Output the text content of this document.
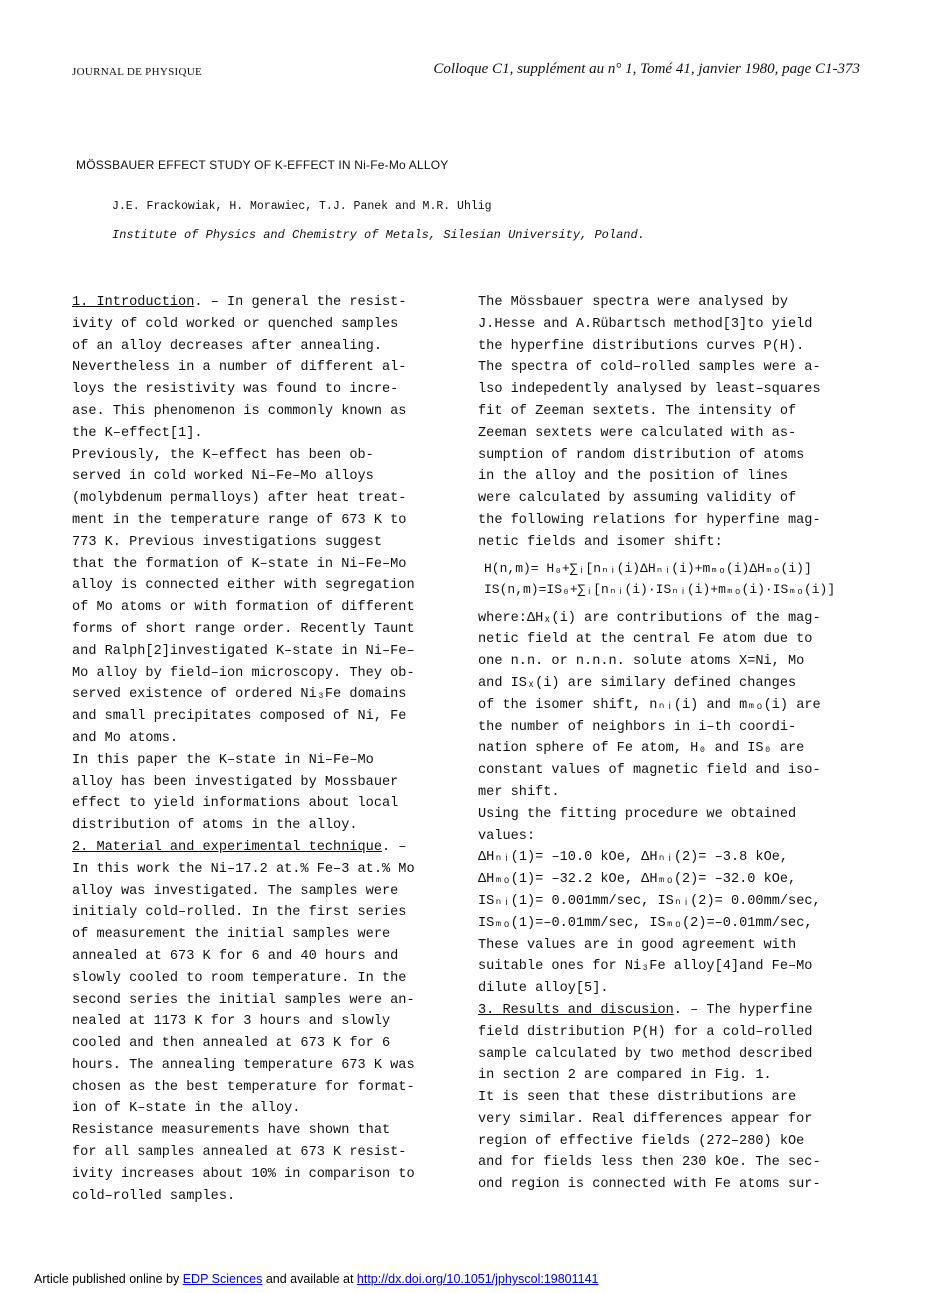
JOURNAL DE PHYSIQUE	Colloque C1, supplément au n° 1, Tomé 41, janvier 1980, page C1-373
MÖSSBAUER EFFECT STUDY OF K-EFFECT IN Ni-Fe-Mo ALLOY
J.E. Frackowiak, H. Morawiec, T.J. Panek and M.R. Uhlig
Institute of Physics and Chemistry of Metals, Silesian University, Poland.

1. Introduction. – In general the resist-

ivity of cold worked or quenched samples

of an alloy decreases after annealing.

Nevertheless in a number of different al-

loys the resistivity was found to incre-

ase. This phenomenon is commonly known as

the K–effect[1].

Previously, the K–effect has been ob-

served in cold worked Ni–Fe–Mo alloys

(molybdenum permalloys) after heat treat-

ment in the temperature range of 673 K to

773 K. Previous investigations suggest

that the formation of K–state in Ni–Fe–Mo

alloy is connected either with segregation

of Mo atoms or with formation of different

forms of short range order. Recently Taunt

and Ralph[2]investigated K–state in Ni–Fe–

Mo alloy by field–ion microscopy. They ob-

served existence of ordered Ni₃Fe domains

and small precipitates composed of Ni, Fe

and Mo atoms.

In this paper the K–state in Ni–Fe–Mo

alloy has been investigated by Mossbauer

effect to yield informations about local

distribution of atoms in the alloy.

2. Material and experimental technique. –

In this work the Ni–17.2 at.% Fe–3 at.% Mo

alloy was investigated. The samples were

initialy cold–rolled. In the first series

of measurement the initial samples were

annealed at 673 K for 6 and 40 hours and

slowly cooled to room temperature. In the

second series the initial samples were an-

nealed at 1173 K for 3 hours and slowly

cooled and then annealed at 673 K for 6

hours. The annealing temperature 673 K was

chosen as the best temperature for format-

ion of K–state in the alloy.

Resistance measurements have shown that

for all samples annealed at 673 K resist-

ivity increases about 10% in comparison to

cold–rolled samples.

The Mössbauer spectra were analysed by

J.Hesse and A.Rübartsch method[3]to yield

the hyperfine distributions curves P(H).

The spectra of cold–rolled samples were a-

lso indepedently analysed by least–squares

fit of Zeeman sextets. The intensity of

Zeeman sextets were calculated with as-

sumption of random distribution of atoms

in the alloy and the position of lines

were calculated by assuming validity of

the following relations for hyperfine mag-

netic fields and isomer shift:

H(n,m)= H₀+∑ᵢ[nₙᵢ(i)ΔHₙᵢ(i)+mₘₒ(i)ΔHₘₒ(i)]

IS(n,m)=IS₀+∑ᵢ[nₙᵢ(i)·ISₙᵢ(i)+mₘₒ(i)·ISₘₒ(i)]

where:ΔHₓ(i) are contributions of the mag-

netic field at the central Fe atom due to

one n.n. or n.n.n. solute atoms X=Ni, Mo

and ISₓ(i) are similary defined changes

of the isomer shift, nₙᵢ(i) and mₘₒ(i) are

the number of neighbors in i–th coordi-

nation sphere of Fe atom, H₀ and IS₀ are

constant values of magnetic field and iso-

mer shift.

Using the fitting procedure we obtained

values:

ΔHₙᵢ(1)= –10.0 kOe, ΔHₙᵢ(2)= –3.8 kOe,

ΔHₘₒ(1)= –32.2 kOe, ΔHₘₒ(2)= –32.0 kOe,

ISₙᵢ(1)= 0.001mm/sec, ISₙᵢ(2)= 0.00mm/sec,

ISₘₒ(1)=–0.01mm/sec, ISₘₒ(2)=–0.01mm/sec,

These values are in good agreement with

suitable ones for Ni₃Fe alloy[4]and Fe–Mo

dilute alloy[5].

3. Results and discusion. – The hyperfine

field distribution P(H) for a cold–rolled

sample calculated by two method described

in section 2 are compared in Fig. 1.

It is seen that these distributions are

very similar. Real differences appear for

region of effective fields (272–280) kOe

and for fields less then 230 kOe. The sec-

ond region is connected with Fe atoms sur-

Article published online by EDP Sciences and available at http://dx.doi.org/10.1051/jphyscol:19801141
